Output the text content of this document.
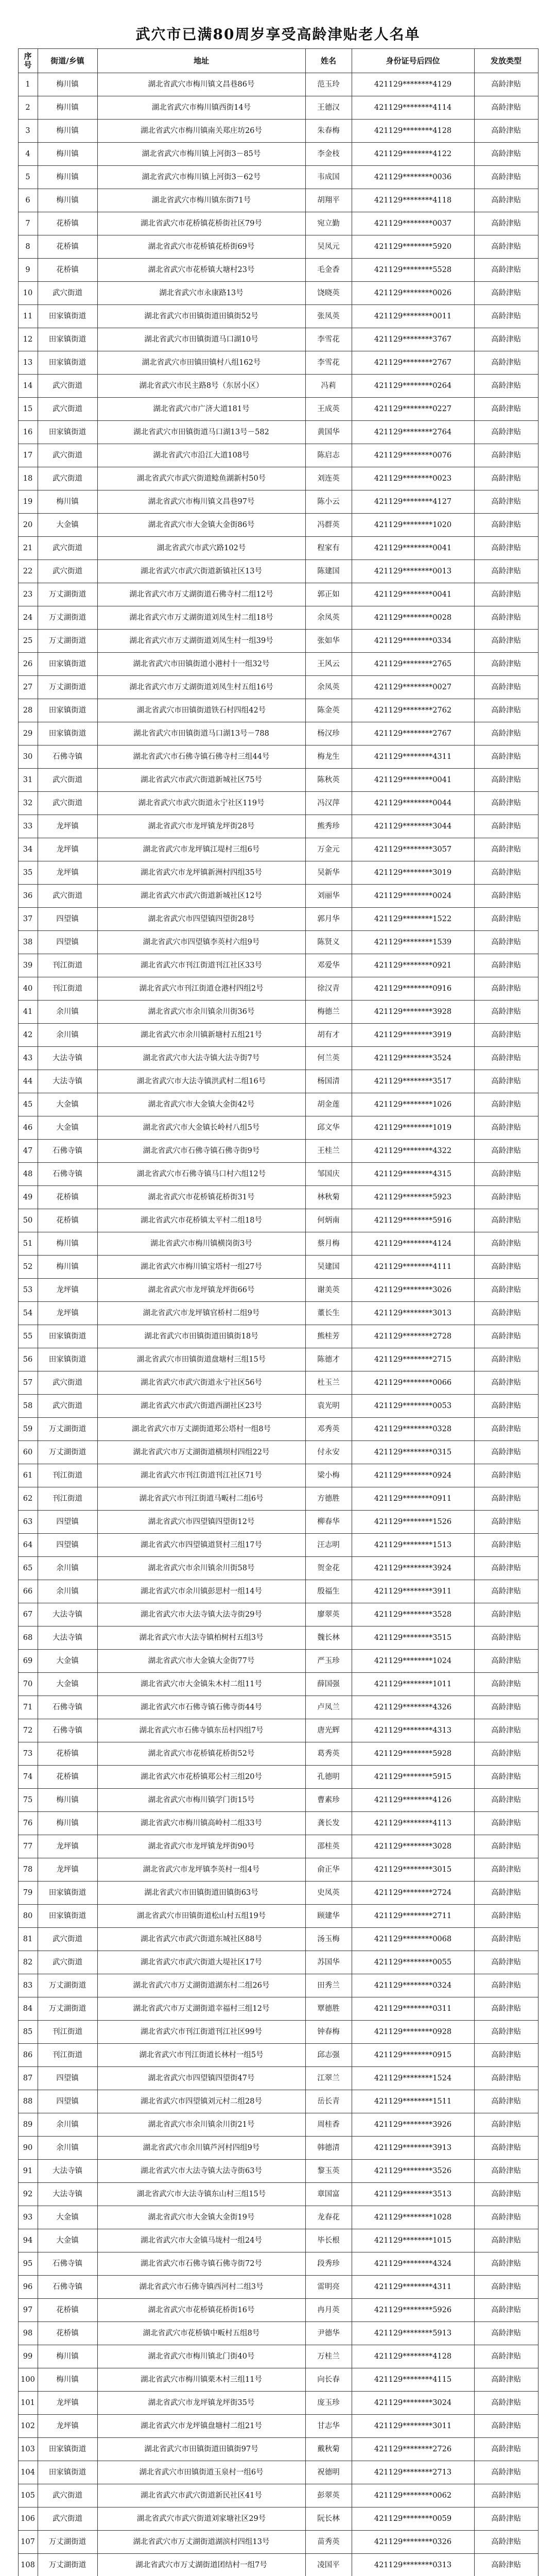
武穴市已满80周岁享受高龄津贴老人名单
序号	街道/乡镇	地址	姓名	身份证号后四位	发放类型
1	梅川镇	湖北省武穴市梅川镇文昌巷86号	范玉玲	421129********4129	高龄津贴
2	梅川镇	湖北省武穴市梅川镇西街14号	王德汉	421129********4114	高龄津贴
3	梅川镇	湖北省武穴市梅川镇南关郑庄坊26号	朱春梅	421129********4128	高龄津贴
4	梅川镇	湖北省武穴市梅川镇上河街3－85号	李金枝	421129********4122	高龄津贴
5	梅川镇	湖北省武穴市梅川镇上河街3－62号	韦成国	421129********0036	高龄津贴
6	梅川镇	湖北省武穴市梅川镇东街71号	胡翔平	421129********4118	高龄津贴
7	花桥镇	湖北省武穴市花桥镇花桥街社区79号	宛立勤	421129********0037	高龄津贴
8	花桥镇	湖北省武穴市花桥镇花桥街69号	吴凤元	421129********5920	高龄津贴
9	花桥镇	湖北省武穴市花桥镇大塘村23号	毛金香	421129********5528	高龄津贴
10	武穴街道	湖北省武穴市永康路13号	饶晓英	421129********0026	高龄津贴
11	田家镇街道	湖北省武穴市田镇街道田镇街52号	张凤英	421129********0011	高龄津贴
12	田家镇街道	湖北省武穴市田镇街道马口湖10号	李雪花	421129********3767	高龄津贴
13	田家镇街道	湖北省武穴市田镇田镇村八组162号	李雪花	421129********2767	高龄津贴
14	武穴街道	湖北省武穴市民主路8号（东居小区）	冯莉	421129********0264	高龄津贴
15	武穴街道	湖北省武穴市广济大道181号	王成英	421129********0227	高龄津贴
16	田家镇街道	湖北省武穴市田镇街道马口湖13号－582	黄国华	421129********2764	高龄津贴
17	武穴街道	湖北省武穴市沿江大道108号	陈启志	421129********0076	高龄津贴
18	武穴街道	湖北省武穴市武穴街道鲶鱼湖新村50号	刘连英	421129********0023	高龄津贴
19	梅川镇	湖北省武穴市梅川镇文昌巷97号	陈小云	421129********4127	高龄津贴
20	大金镇	湖北省武穴市大金镇大金街86号	冯群英	421129********1020	高龄津贴
21	武穴街道	湖北省武穴市武穴路102号	程家有	421129********0041	高龄津贴
22	武穴街道	湖北省武穴市武穴街道新镇社区13号	陈建国	421129********0013	高龄津贴
23	万丈湖街道	湖北省武穴市万丈湖街道石佛寺村二组12号	郭正如	421129********0041	高龄津贴
24	万丈湖街道	湖北省武穴市万丈湖街道刘凤生村二组18号	余凤英	421129********0028	高龄津贴
25	万丈湖街道	湖北省武穴市万丈湖街道刘凤生村一组39号	张如华	421129********0334	高龄津贴
26	田家镇街道	湖北省武穴市田镇街道小港村十一组32号	王风云	421129********2765	高龄津贴
27	万丈湖街道	湖北省武穴市万丈湖街道刘凤生村五组16号	余凤英	421129********0027	高龄津贴
28	田家镇街道	湖北省武穴市田镇街道铁石村四组42号	陈金英	421129********2762	高龄津贴
29	田家镇街道	湖北省武穴市田镇街道马口湖13号－788	杨汉珍	421129********2767	高龄津贴
30	石佛寺镇	湖北省武穴市石佛寺镇石佛寺村三组44号	梅龙生	421129********4311	高龄津贴
31	武穴街道	湖北省武穴市武穴街道新城社区75号	陈秋英	421129********0041	高龄津贴
32	武穴街道	湖北省武穴市武穴街道永宁社区119号	冯汉萍	421129********0044	高龄津贴
33	龙坪镇	湖北省武穴市龙坪镇龙坪街28号	熊秀珍	421129********3044	高龄津贴
34	龙坪镇	湖北省武穴市龙坪镇江堤村三组6号	万金元	421129********3057	高龄津贴
35	龙坪镇	湖北省武穴市龙坪镇新洲村四组35号	吴新华	421129********3019	高龄津贴
36	武穴街道	湖北省武穴市武穴街道新城社区12号	刘丽华	421129********0024	高龄津贴
37	四望镇	湖北省武穴市四望镇四望街28号	郭月华	421129********1522	高龄津贴
38	四望镇	湖北省武穴市四望镇李英村六组9号	陈贤义	421129********1539	高龄津贴
39	刊江街道	湖北省武穴市刊江街道刊江社区33号	邓爱华	421129********0921	高龄津贴
40	刊江街道	湖北省武穴市刊江街道仓港村四组2号	徐汉青	421129********0916	高龄津贴
41	余川镇	湖北省武穴市余川镇余川街36号	梅德兰	421129********3928	高龄津贴
42	余川镇	湖北省武穴市余川镇新塘村五组21号	胡有才	421129********3919	高龄津贴
43	大法寺镇	湖北省武穴市大法寺镇大法寺街7号	何兰英	421129********3524	高龄津贴
44	大法寺镇	湖北省武穴市大法寺镇洪武村二组16号	杨国清	421129********3517	高龄津贴
45	大金镇	湖北省武穴市大金镇大金街42号	胡金莲	421129********1026	高龄津贴
46	大金镇	湖北省武穴市大金镇长岭村八组5号	邱文华	421129********1019	高龄津贴
47	石佛寺镇	湖北省武穴市石佛寺镇石佛寺街9号	王桂兰	421129********4322	高龄津贴
48	石佛寺镇	湖北省武穴市石佛寺镇马口村六组12号	邹国庆	421129********4315	高龄津贴
49	花桥镇	湖北省武穴市花桥镇花桥街31号	林秋菊	421129********5923	高龄津贴
50	花桥镇	湖北省武穴市花桥镇太平村二组18号	何炳南	421129********5916	高龄津贴
51	梅川镇	湖北省武穴市梅川镇横岗街3号	蔡月梅	421129********4124	高龄津贴
52	梅川镇	湖北省武穴市梅川镇宝塔村一组27号	吴建国	421129********4111	高龄津贴
53	龙坪镇	湖北省武穴市龙坪镇龙坪街66号	谢美英	421129********3026	高龄津贴
54	龙坪镇	湖北省武穴市龙坪镇官桥村二组9号	董长生	421129********3013	高龄津贴
55	田家镇街道	湖北省武穴市田镇街道田镇街18号	熊桂芳	421129********2728	高龄津贴
56	田家镇街道	湖北省武穴市田镇街道盘塘村三组15号	陈德才	421129********2715	高龄津贴
57	武穴街道	湖北省武穴市武穴街道永宁社区56号	杜玉兰	421129********0066	高龄津贴
58	武穴街道	湖北省武穴市武穴街道西湖社区23号	袁光明	421129********0053	高龄津贴
59	万丈湖街道	湖北省武穴市万丈湖街道郑公塔村一组8号	邓秀英	421129********0328	高龄津贴
60	万丈湖街道	湖北省武穴市万丈湖街道横坝村四组22号	付永安	421129********0315	高龄津贴
61	刊江街道	湖北省武穴市刊江街道刊江社区71号	梁小梅	421129********0924	高龄津贴
62	刊江街道	湖北省武穴市刊江街道马畈村二组6号	方德胜	421129********0911	高龄津贴
63	四望镇	湖北省武穴市四望镇四望街12号	柳春华	421129********1526	高龄津贴
64	四望镇	湖北省武穴市四望镇道贤村三组17号	汪志明	421129********1513	高龄津贴
65	余川镇	湖北省武穴市余川镇余川街58号	贺金花	421129********3924	高龄津贴
66	余川镇	湖北省武穴市余川镇彭思村一组14号	殷福生	421129********3911	高龄津贴
67	大法寺镇	湖北省武穴市大法寺镇大法寺街29号	廖翠英	421129********3528	高龄津贴
68	大法寺镇	湖北省武穴市大法寺镇柏树村五组3号	魏长林	421129********3515	高龄津贴
69	大金镇	湖北省武穴市大金镇大金街77号	严玉珍	421129********1024	高龄津贴
70	大金镇	湖北省武穴市大金镇朱木村二组11号	薛国强	421129********1011	高龄津贴
71	石佛寺镇	湖北省武穴市石佛寺镇石佛寺街44号	卢凤兰	421129********4326	高龄津贴
72	石佛寺镇	湖北省武穴市石佛寺镇东岳村四组7号	唐光辉	421129********4313	高龄津贴
73	花桥镇	湖北省武穴市花桥镇花桥街52号	葛秀英	421129********5928	高龄津贴
74	花桥镇	湖北省武穴市花桥镇郑公村三组20号	孔德明	421129********5915	高龄津贴
75	梅川镇	湖北省武穴市梅川镇学门街15号	曹素珍	421129********4126	高龄津贴
76	梅川镇	湖北省武穴市梅川镇高岭村二组33号	龚长发	421129********4113	高龄津贴
77	龙坪镇	湖北省武穴市龙坪镇龙坪街90号	邵桂英	421129********3028	高龄津贴
78	龙坪镇	湖北省武穴市龙坪镇李英村一组4号	俞正华	421129********3015	高龄津贴
79	田家镇街道	湖北省武穴市田镇街道田镇街63号	史凤英	421129********2724	高龄津贴
80	田家镇街道	湖北省武穴市田镇街道松山村五组19号	顾建华	421129********2711	高龄津贴
81	武穴街道	湖北省武穴市武穴街道东城社区88号	汤玉梅	421129********0068	高龄津贴
82	武穴街道	湖北省武穴市武穴街道大堤社区17号	苏国华	421129********0055	高龄津贴
83	万丈湖街道	湖北省武穴市万丈湖街道湖东村二组26号	田秀兰	421129********0324	高龄津贴
84	万丈湖街道	湖北省武穴市万丈湖街道幸福村三组12号	覃德胜	421129********0311	高龄津贴
85	刊江街道	湖北省武穴市刊江街道刊江社区99号	钟春梅	421129********0928	高龄津贴
86	刊江街道	湖北省武穴市刊江街道长林村一组5号	邱志强	421129********0915	高龄津贴
87	四望镇	湖北省武穴市四望镇四望街47号	江翠兰	421129********1524	高龄津贴
88	四望镇	湖北省武穴市四望镇刘元村二组28号	岳长青	421129********1511	高龄津贴
89	余川镇	湖北省武穴市余川镇余川街21号	周桂香	421129********3926	高龄津贴
90	余川镇	湖北省武穴市余川镇芦河村四组9号	韩德清	421129********3913	高龄津贴
91	大法寺镇	湖北省武穴市大法寺镇大法寺街63号	黎玉英	421129********3526	高龄津贴
92	大法寺镇	湖北省武穴市大法寺镇东山村三组15号	章国富	421129********3513	高龄津贴
93	大金镇	湖北省武穴市大金镇大金街19号	龙春花	421129********1028	高龄津贴
94	大金镇	湖北省武穴市大金镇马垅村一组24号	毕长根	421129********1015	高龄津贴
95	石佛寺镇	湖北省武穴市石佛寺镇石佛寺街72号	段秀珍	421129********4324	高龄津贴
96	石佛寺镇	湖北省武穴市石佛寺镇西河村二组3号	雷明亮	421129********4311	高龄津贴
97	花桥镇	湖北省武穴市花桥镇花桥街16号	冉月英	421129********5926	高龄津贴
98	花桥镇	湖北省武穴市花桥镇中畈村五组8号	尹德华	421129********5913	高龄津贴
99	梅川镇	湖北省武穴市梅川镇北门街40号	万桂兰	421129********4128	高龄津贴
100	梅川镇	湖北省武穴市梅川镇栗木村三组11号	向长春	421129********4115	高龄津贴
101	龙坪镇	湖北省武穴市龙坪镇龙坪街35号	庞玉珍	421129********3024	高龄津贴
102	龙坪镇	湖北省武穴市龙坪镇盘塘村二组21号	甘志华	421129********3011	高龄津贴
103	田家镇街道	湖北省武穴市田镇街道田镇街97号	戴秋菊	421129********2726	高龄津贴
104	田家镇街道	湖北省武穴市田镇街道玉泉村一组6号	祝德明	421129********2713	高龄津贴
105	武穴街道	湖北省武穴市武穴街道新民社区41号	彭翠英	421129********0062	高龄津贴
106	武穴街道	湖北省武穴市武穴街道刘家塘社区29号	阮长林	421129********0059	高龄津贴
107	万丈湖街道	湖北省武穴市万丈湖街道湖滨村四组13号	苗秀英	421129********0326	高龄津贴
108	万丈湖街道	湖北省武穴市万丈湖街道团结村一组7号	凌国平	421129********0313	高龄津贴
